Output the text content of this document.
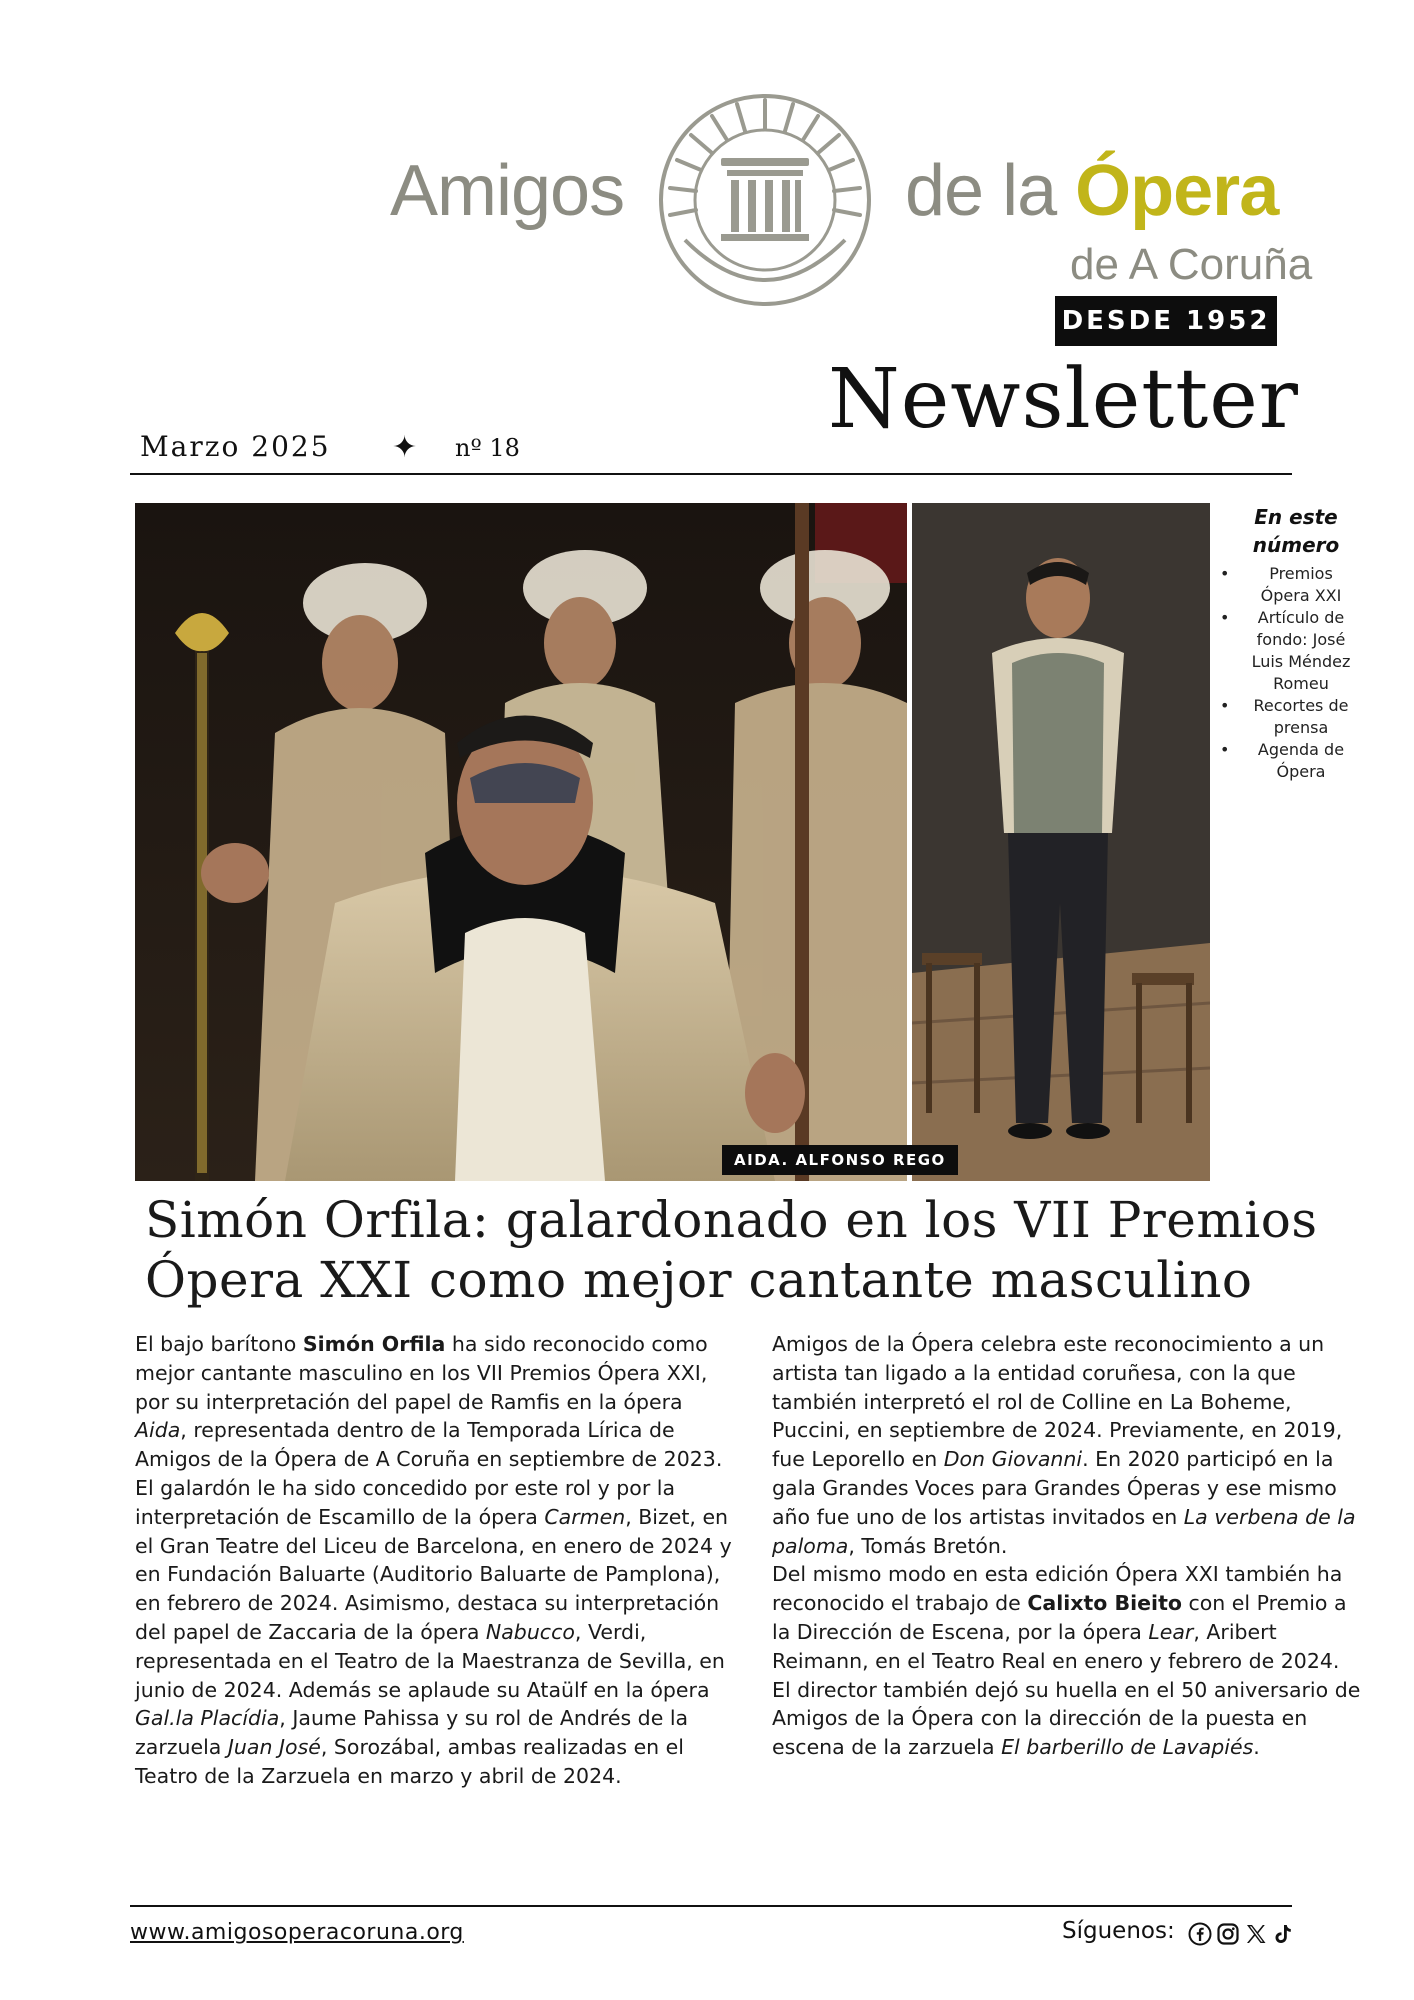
Amigos	de la Ópera
de A Coruña
DESDE 1952
Newsletter
Marzo 2025 ✦ nº 18
AIDA. ALFONSO REGO
En este
número
•	Premios
Ópera XXI
•	Artículo de
fondo: José
Luis Méndez
Romeu
•	Recortes de
prensa
•	Agenda de
Ópera
Simón Orfila: galardonado en los VII Premios
Ópera XXI como mejor cantante masculino

El bajo barítono Simón Orfila ha sido reconocido como mejor cantante masculino en los VII Premios Ópera XXI, por su interpretación del papel de Ramfis en la ópera Aida, representada dentro de la Temporada Lírica de Amigos de la Ópera de A Coruña en septiembre de 2023.

El galardón le ha sido concedido por este rol y por la interpretación de Escamillo de la ópera Carmen, Bizet, en el Gran Teatre del Liceu de Barcelona, en enero de 2024 y en Fundación Baluarte (Auditorio Baluarte de Pamplona), en febrero de 2024. Asimismo, destaca su interpretación del papel de Zaccaria de la ópera Nabucco, Verdi, representada en el Teatro de la Maestranza de Sevilla, en junio de 2024. Además se aplaude su Ataülf en la ópera Gal.la Placídia, Jaume Pahissa y su rol de Andrés de la zarzuela Juan José, Sorozábal, ambas realizadas en el Teatro de la Zarzuela en marzo y abril de 2024.

Amigos de la Ópera celebra este reconocimiento a un artista tan ligado a la entidad coruñesa, con la que también interpretó el rol de Colline en La Boheme, Puccini, en septiembre de 2024. Previamente, en 2019, fue Leporello en Don Giovanni. En 2020 participó en la gala Grandes Voces para Grandes Óperas y ese mismo año fue uno de los artistas invitados en La verbena de la paloma, Tomás Bretón.

Del mismo modo en esta edición Ópera XXI también ha reconocido el trabajo de Calixto Bieito con el Premio a la Dirección de Escena, por la ópera Lear, Aribert Reimann, en el Teatro Real en enero y febrero de 2024.

El director también dejó su huella en el 50 aniversario de Amigos de la Ópera con la dirección de la puesta en escena de la zarzuela El barberillo de Lavapiés.

www.amigosoperacoruna.org	Síguenos:
